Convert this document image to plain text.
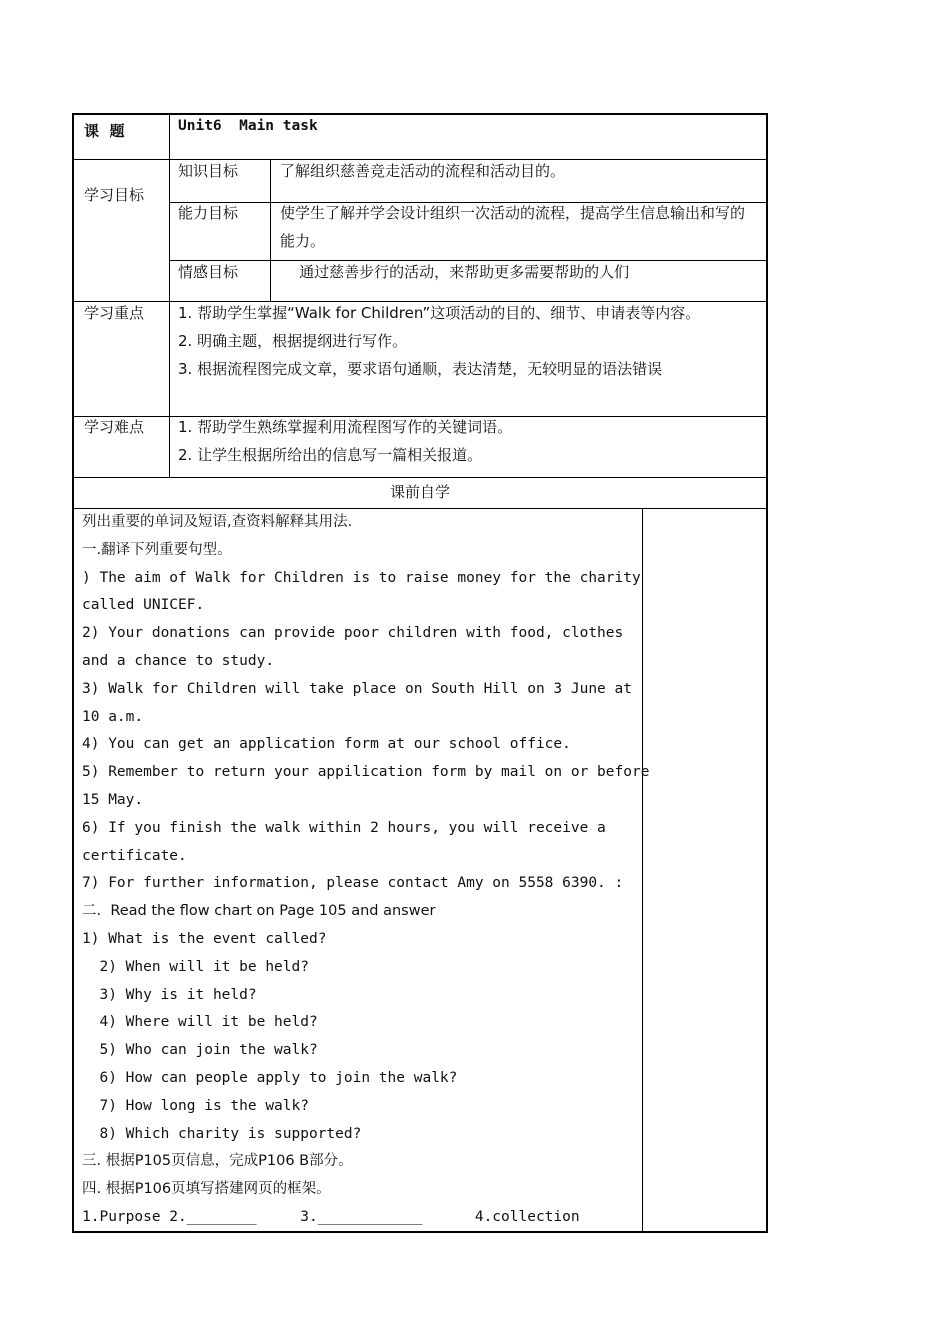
课  题	Unit6  Main task
学习目标
知识目标	了解组织慈善竞走活动的流程和活动目的。
能力目标	使学生了解并学会设计组织一次活动的流程，提高学生信息输出和写的能力。
情感目标	通过慈善步行的活动，来帮助更多需要帮助的人们
学习重点 1. 帮助学生掌握“Walk for Children”这项活动的目的、细节、申请表等内容。
2. 明确主题，根据提纲进行写作。
3. 根据流程图完成文章，要求语句通顺，表达清楚，无较明显的语法错误
学习难点 1. 帮助学生熟练掌握利用流程图写作的关键词语。
2. 让学生根据所给出的信息写一篇相关报道。
课前自学

列出重要的单词及短语,查资料解释其用法.

一.翻译下列重要句型。

) The aim of Walk for Children is to raise money for the charity

called UNICEF.

2) Your donations can provide poor children with food, clothes

and a chance to study.

3) Walk for Children will take place on South Hill on 3 June at

10 a.m.

4) You can get an application form at our school office.

5) Remember to return your appilication form by mail on or before

15 May.

6) If you finish the walk within 2 hours, you will receive a

certificate.

7) For further information, please contact Amy on 5558 6390. :

二.  Read the flow chart on Page 105 and answer

1) What is the event called?

2) When will it be held?

3) Why is it held?

4) Where will it be held?

5) Who can join the walk?

6) How can people apply to join the walk?

7) How long is the walk?

8) Which charity is supported?

三. 根据P105页信息，完成P106 B部分。

四. 根据P106页填写搭建网页的框架。

1.Purpose 2.________     3.____________      4.collection
